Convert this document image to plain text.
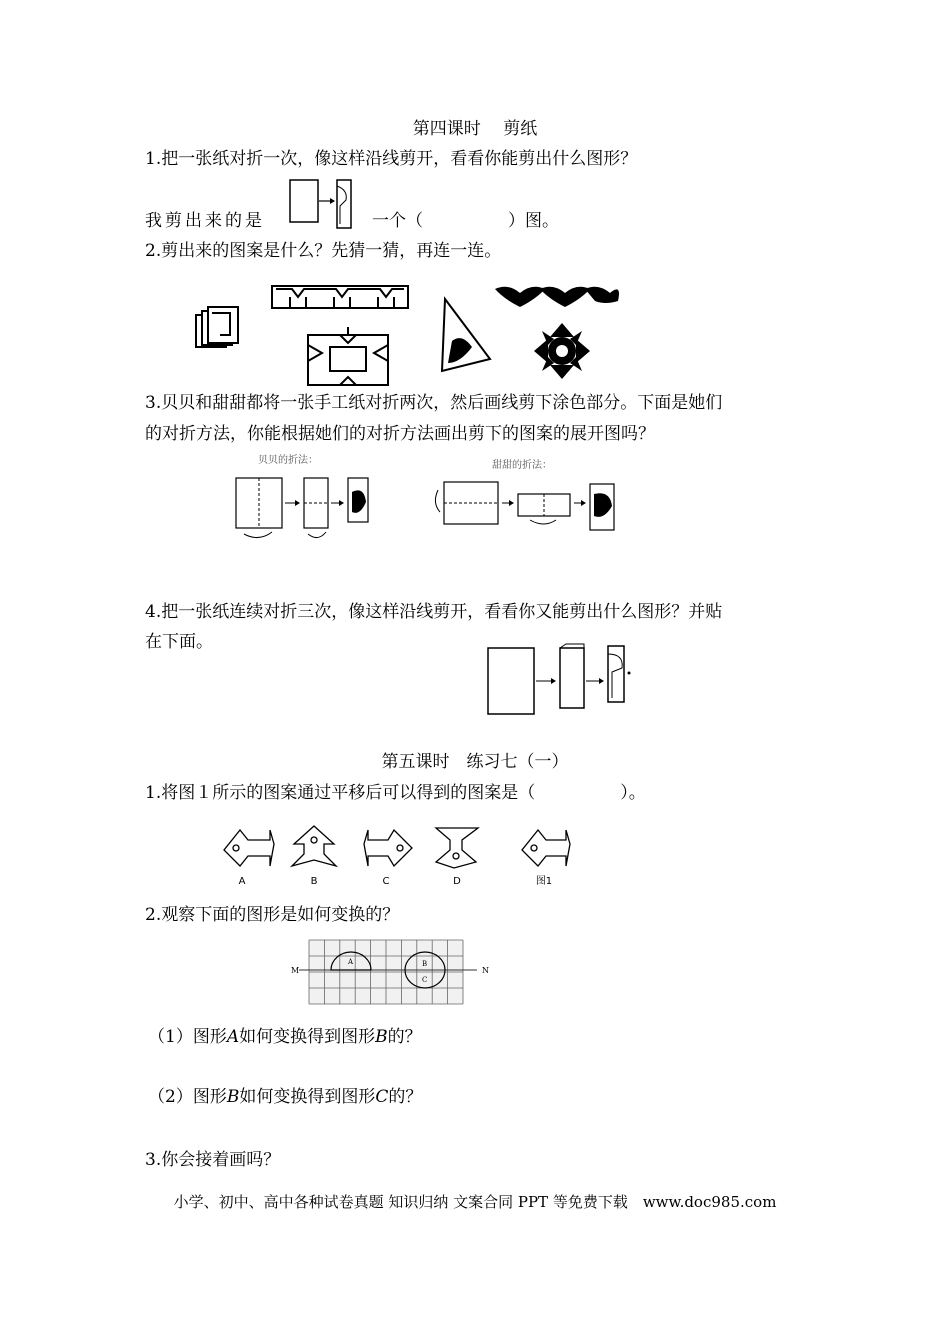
第四课时　 剪纸
1.把一张纸对折一次，像这样沿线剪开，看看你能剪出什么图形？
我剪出来的是	一个（　　　　　）图。
2.剪出来的图案是什么？先猜一猜，再连一连。
3.贝贝和甜甜都将一张手工纸对折两次，然后画线剪下涂色部分。下面是她们
的对折方法，你能根据她们的对折方法画出剪下的图案的展开图吗？
贝贝的折法：	甜甜的折法：
4.把一张纸连续对折三次，像这样沿线剪开，看看你又能剪出什么图形？并贴
在下面。
第五课时　练习七（一）
1.将图１所示的图案通过平移后可以得到的图案是（　　　　　）。
A	B	C	D	图1
2.观察下面的图形是如何变换的？
M	N
A	B
C
（1）图形A如何变换得到图形B的？
（2）图形B如何变换得到图形C的？
3.你会接着画吗？
小学、初中、高中各种试卷真题 知识归纳 文案合同 PPT 等免费下载　www.doc985.com
